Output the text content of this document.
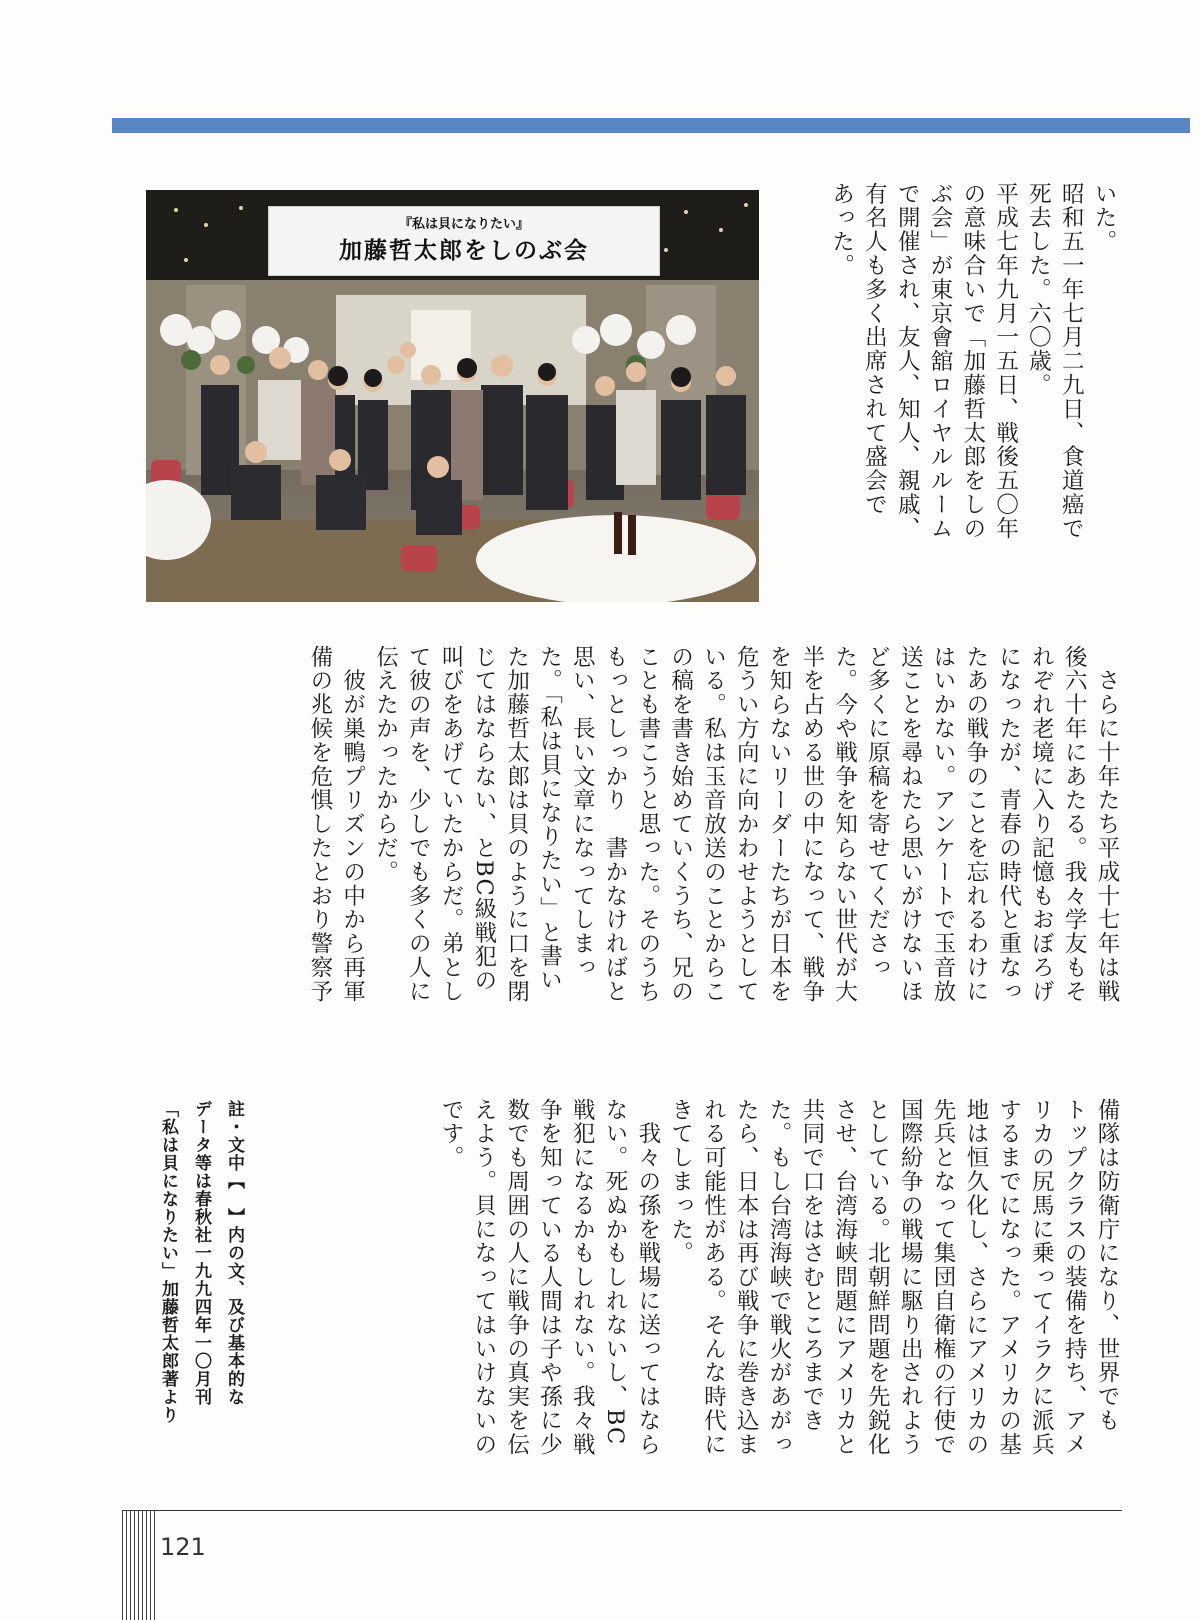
『私は貝になりたい』
加藤哲太郎をしのぶ会	いた。
昭和五一年七月二九日、食道癌で
死去した。六〇歳。
平成七年九月一五日、戦後五〇年
の意味合いで「加藤哲太郎をしの
ぶ会」が東京會舘ロイヤルルーム
で開催され、友人、知人、親戚、
有名人も多く出席されて盛会で
あった。

　さらに十年たち平成十七年は戦
後六十年にあたる。我々学友もそ
れぞれ老境に入り記憶もおぼろげ
になったが、青春の時代と重なっ
たあの戦争のことを忘れるわけに
はいかない。アンケートで玉音放
送ことを尋ねたら思いがけないほ
ど多くに原稿を寄せてくださっ
た。今や戦争を知らない世代が大
半を占める世の中になって、戦争
を知らないリーダーたちが日本を
危うい方向に向かわせようとして
いる。私は玉音放送のことからこ
の稿を書き始めていくうち、兄の
ことも書こうと思った。そのうち
もっとしっかり　書かなければと
思い、長い文章になってしまっ
た。「私は貝になりたい」と書い
た加藤哲太郎は貝のように口を閉
じてはならない、とBC級戦犯の
叫びをあげていたからだ。弟とし
て彼の声を、少しでも多くの人に
伝えたかったからだ。
　彼が巣鴨プリズンの中から再軍
備の兆候を危惧したとおり警察予

備隊は防衛庁になり、世界でも
トップクラスの装備を持ち、アメ
リカの尻馬に乗ってイラクに派兵
するまでになった。アメリカの基
地は恒久化し、さらにアメリカの
先兵となって集団自衛権の行使で
国際紛争の戦場に駆り出されよう
としている。北朝鮮問題を先鋭化
させ、台湾海峡問題にアメリカと
共同で口をはさむところまでき
た。もし台湾海峡で戦火があがっ
たら、日本は再び戦争に巻き込ま
れる可能性がある。そんな時代に
きてしまった。
　我々の孫を戦場に送ってはなら
ない。死ぬかもしれないし、BC
戦犯になるかもしれない。我々戦
争を知っている人間は子や孫に少
数でも周囲の人に戦争の真実を伝
えよう。貝になってはいけないの
です。

註・文中【　】内の文、及び基本的な
データ等は春秋社一九九四年一〇月刊
「私は貝になりたい」加藤哲太郎著より

121
